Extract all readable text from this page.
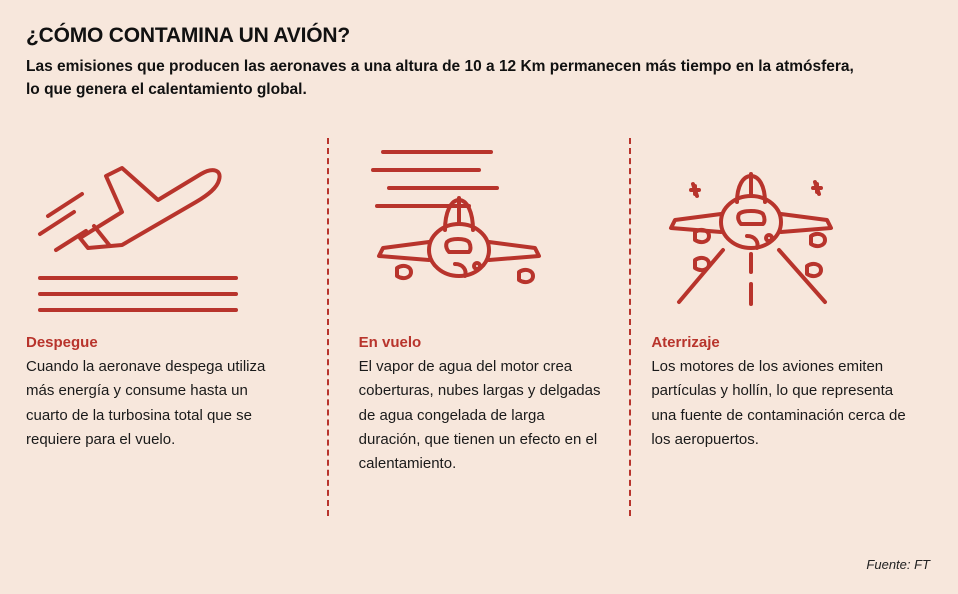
¿CÓMO CONTAMINA UN AVIÓN?

Las emisiones que producen las aeronaves a una altura de 10 a 12 Km permanecen más tiempo en la atmósfera, lo que genera el calentamiento global.

Despegue

Cuando la aeronave despega utiliza más energía y consume hasta un cuarto de la turbosina total que se requiere para el vuelo.

En vuelo

El vapor de agua del motor crea coberturas, nubes largas y delgadas de agua congelada de larga duración, que tienen un efecto en el calentamiento.

Aterrizaje

Los motores de los aviones emiten partículas y hollín, lo que representa una fuente de contaminación cerca de los aeropuertos.

Fuente: FT
